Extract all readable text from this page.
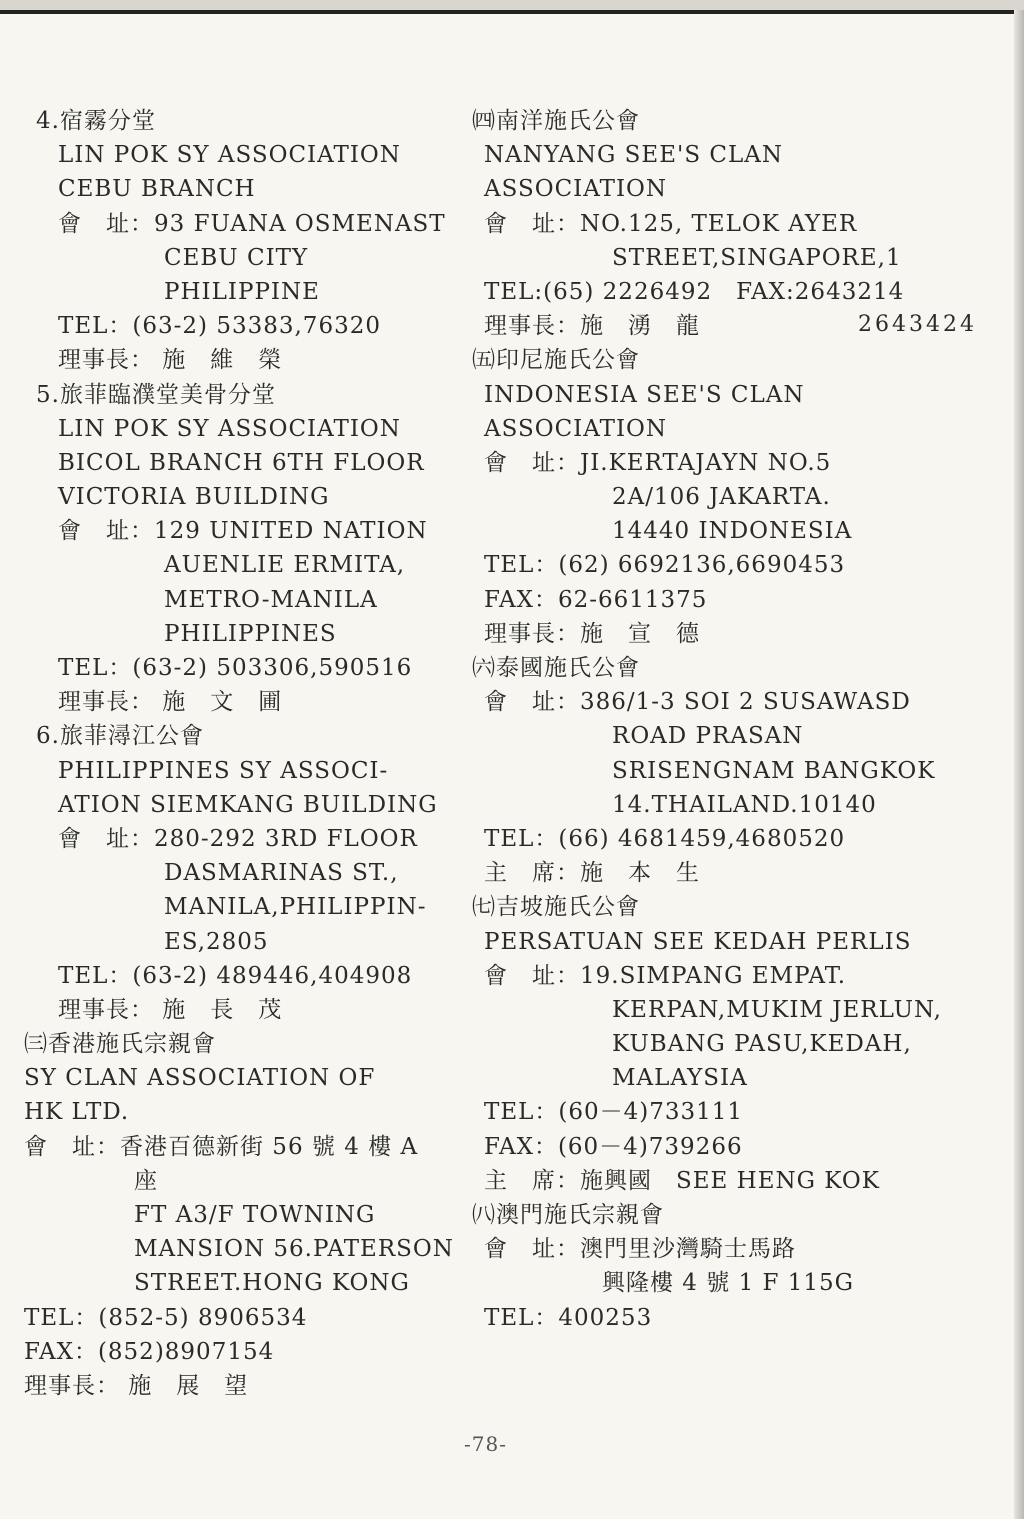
4.宿霧分堂
LIN POK SY ASSOCIATION
CEBU BRANCH
會　址：93 FUANA OSMENAST
CEBU CITY
PHILIPPINE
TEL：(63-2) 53383,76320
理事長： 施　維　榮
5.旅菲臨濮堂美骨分堂
LIN POK SY ASSOCIATION
BICOL BRANCH 6TH FLOOR
VICTORIA BUILDING
會　址：129 UNITED NATION
AUENLIE ERMITA,
METRO-MANILA
PHILIPPINES
TEL：(63-2) 503306,590516
理事長： 施　文　圃
6.旅菲潯江公會
PHILIPPINES SY ASSOCI-
ATION SIEMKANG BUILDING
會　址：280-292 3RD FLOOR
DASMARINAS ST.,
MANILA,PHILIPPIN-
ES,2805
TEL：(63-2) 489446,404908
理事長： 施　長　茂
㈢香港施氏宗親會
SY CLAN ASSOCIATION OF
HK LTD.
會　址：香港百德新街 56 號 4 樓 A
座
FT A3/F TOWNING
MANSION 56.PATERSON
STREET.HONG KONG
TEL：(852-5) 8906534
FAX：(852)8907154
理事長： 施　展　望
㈣南洋施氏公會
NANYANG SEE'S CLAN
ASSOCIATION
會　址：NO.125, TELOK AYER
STREET,SINGAPORE,1
TEL:(65) 2226492　FAX:2643214
理事長：施　湧　龍
㈤印尼施氏公會
INDONESIA SEE'S CLAN
ASSOCIATION
會　址：JI.KERTAJAYN NO.5
2A/106 JAKARTA.
14440 INDONESIA
TEL：(62) 6692136,6690453
FAX：62-6611375
理事長：施　宣　德
㈥泰國施氏公會
會　址：386/1-3 SOI 2 SUSAWASD
ROAD PRASAN
SRISENGNAM BANGKOK
14.THAILAND.10140
TEL：(66) 4681459,4680520
主　席：施　本　生
㈦吉坡施氏公會
PERSATUAN SEE KEDAH PERLIS
會　址：19.SIMPANG EMPAT.
KERPAN,MUKIM JERLUN,
KUBANG PASU,KEDAH,
MALAYSIA
TEL：(60－4)733111
FAX：(60－4)739266
主　席：施興國　SEE HENG KOK
㈧澳門施氏宗親會
會　址：澳門里沙灣騎士馬路
興隆樓 4 號 1 F 115G
TEL：400253
2643424
-78-
